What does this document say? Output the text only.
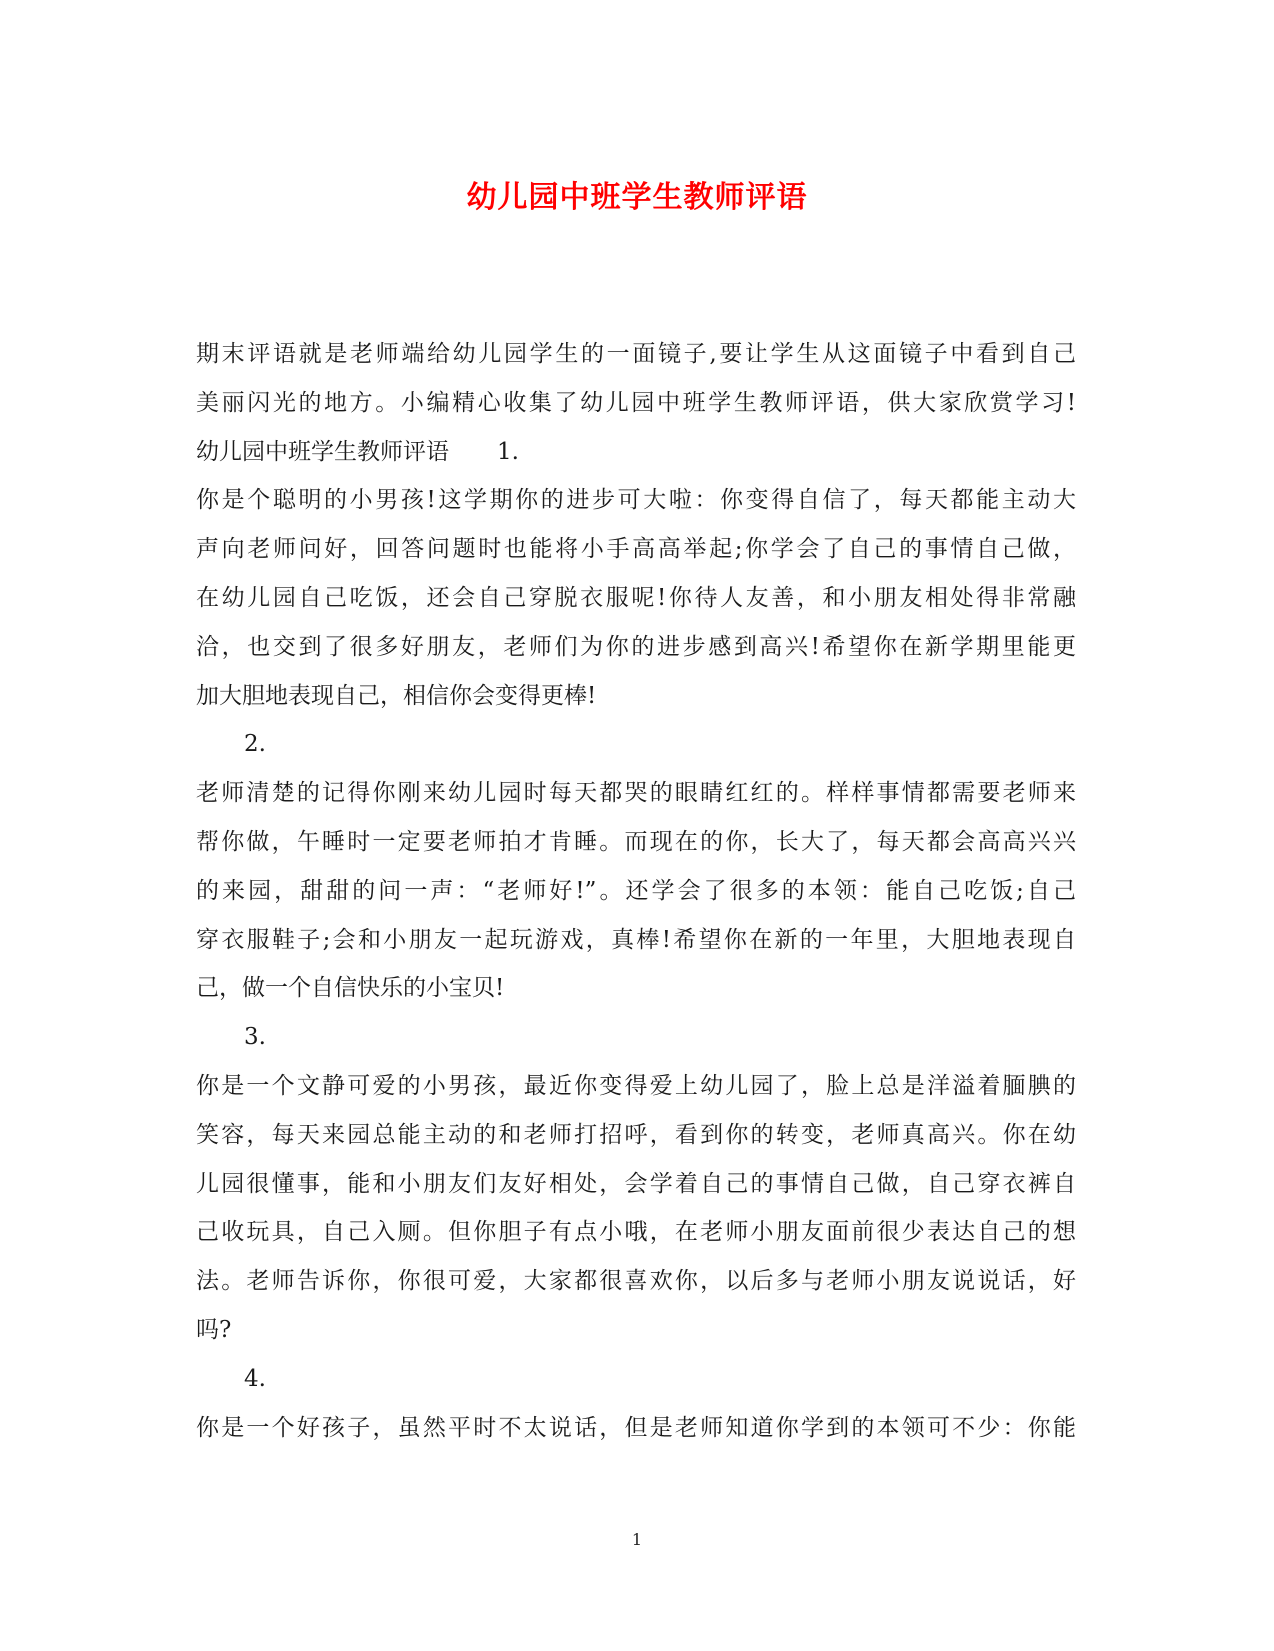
幼儿园中班学生教师评语
期末评语就是老师端给幼儿园学生的一面镜子,要让学生从这面镜子中看到自己
美丽闪光的地方。小编精心收集了幼儿园中班学生教师评语，供大家欣赏学习!
幼儿园中班学生教师评语 1.
你是个聪明的小男孩!这学期你的进步可大啦：你变得自信了，每天都能主动大
声向老师问好，回答问题时也能将小手高高举起;你学会了自己的事情自己做，
在幼儿园自己吃饭，还会自己穿脱衣服呢!你待人友善，和小朋友相处得非常融
洽，也交到了很多好朋友，老师们为你的进步感到高兴!希望你在新学期里能更
加大胆地表现自己，相信你会变得更棒!
2.
老师清楚的记得你刚来幼儿园时每天都哭的眼睛红红的。样样事情都需要老师来
帮你做，午睡时一定要老师拍才肯睡。而现在的你，长大了，每天都会高高兴兴
的来园，甜甜的问一声：“老师好!”。还学会了很多的本领：能自己吃饭;自己
穿衣服鞋子;会和小朋友一起玩游戏，真棒!希望你在新的一年里，大胆地表现自
己，做一个自信快乐的小宝贝!
3.
你是一个文静可爱的小男孩，最近你变得爱上幼儿园了，脸上总是洋溢着腼腆的
笑容，每天来园总能主动的和老师打招呼，看到你的转变，老师真高兴。你在幼
儿园很懂事，能和小朋友们友好相处，会学着自己的事情自己做，自己穿衣裤自
己收玩具，自己入厕。但你胆子有点小哦，在老师小朋友面前很少表达自己的想
法。老师告诉你，你很可爱，大家都很喜欢你，以后多与老师小朋友说说话，好
吗?
4.
你是一个好孩子，虽然平时不太说话，但是老师知道你学到的本领可不少：你能
1
